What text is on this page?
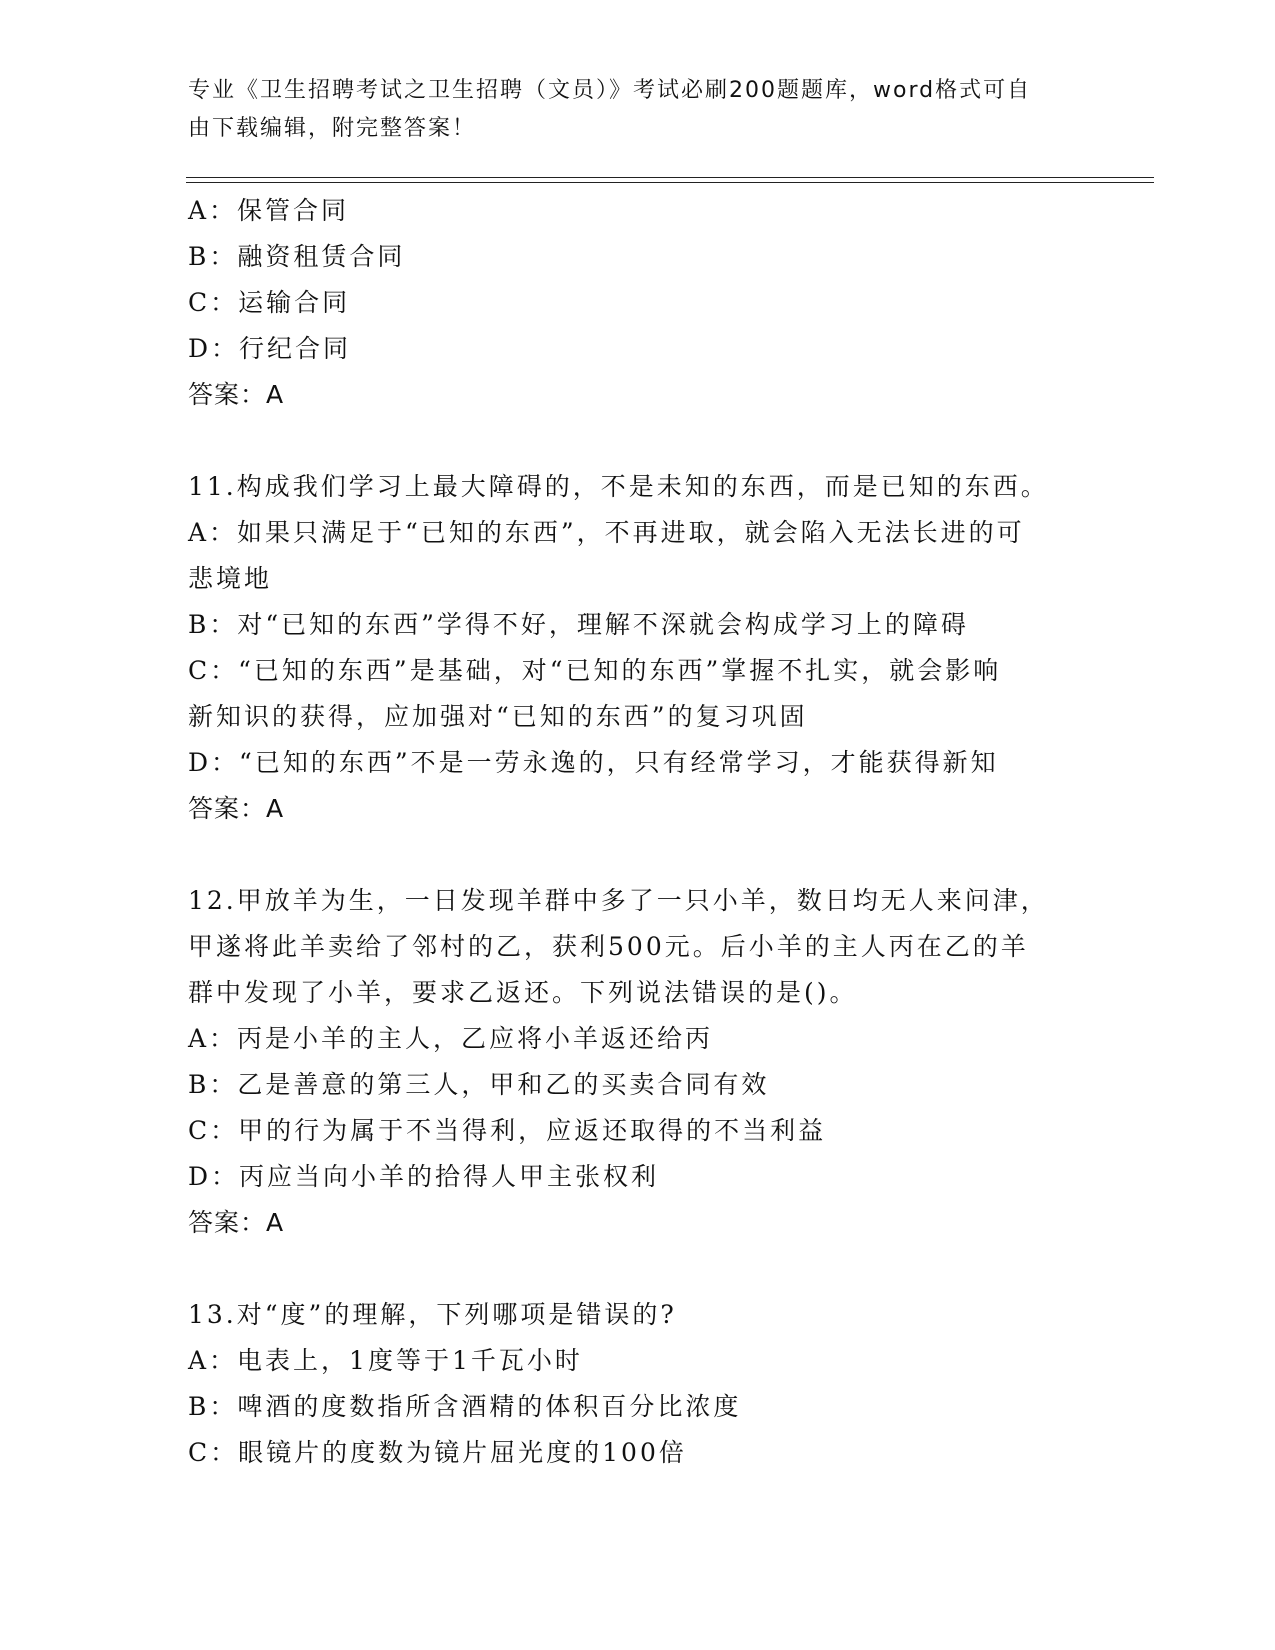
专业《卫生招聘考试之卫生招聘（文员）》考试必刷200题题库，word格式可自
由下载编辑，附完整答案！
A：保管合同
B：融资租赁合同
C：运输合同
D：行纪合同
答案：A
11.构成我们学习上最大障碍的，不是未知的东西，而是已知的东西。
A：如果只满足于“已知的东西”，不再进取，就会陷入无法长进的可
悲境地
B：对“已知的东西”学得不好，理解不深就会构成学习上的障碍
C：“已知的东西”是基础，对“已知的东西”掌握不扎实，就会影响
新知识的获得，应加强对“已知的东西”的复习巩固
D：“已知的东西”不是一劳永逸的，只有经常学习，才能获得新知
答案：A
12.甲放羊为生，一日发现羊群中多了一只小羊，数日均无人来问津，
甲遂将此羊卖给了邻村的乙，获利500元。后小羊的主人丙在乙的羊
群中发现了小羊，要求乙返还。下列说法错误的是()。
A：丙是小羊的主人，乙应将小羊返还给丙
B：乙是善意的第三人，甲和乙的买卖合同有效
C：甲的行为属于不当得利，应返还取得的不当利益
D：丙应当向小羊的拾得人甲主张权利
答案：A
13.对“度”的理解，下列哪项是错误的?
A：电表上，1度等于1千瓦小时
B：啤酒的度数指所含酒精的体积百分比浓度
C：眼镜片的度数为镜片屈光度的100倍
